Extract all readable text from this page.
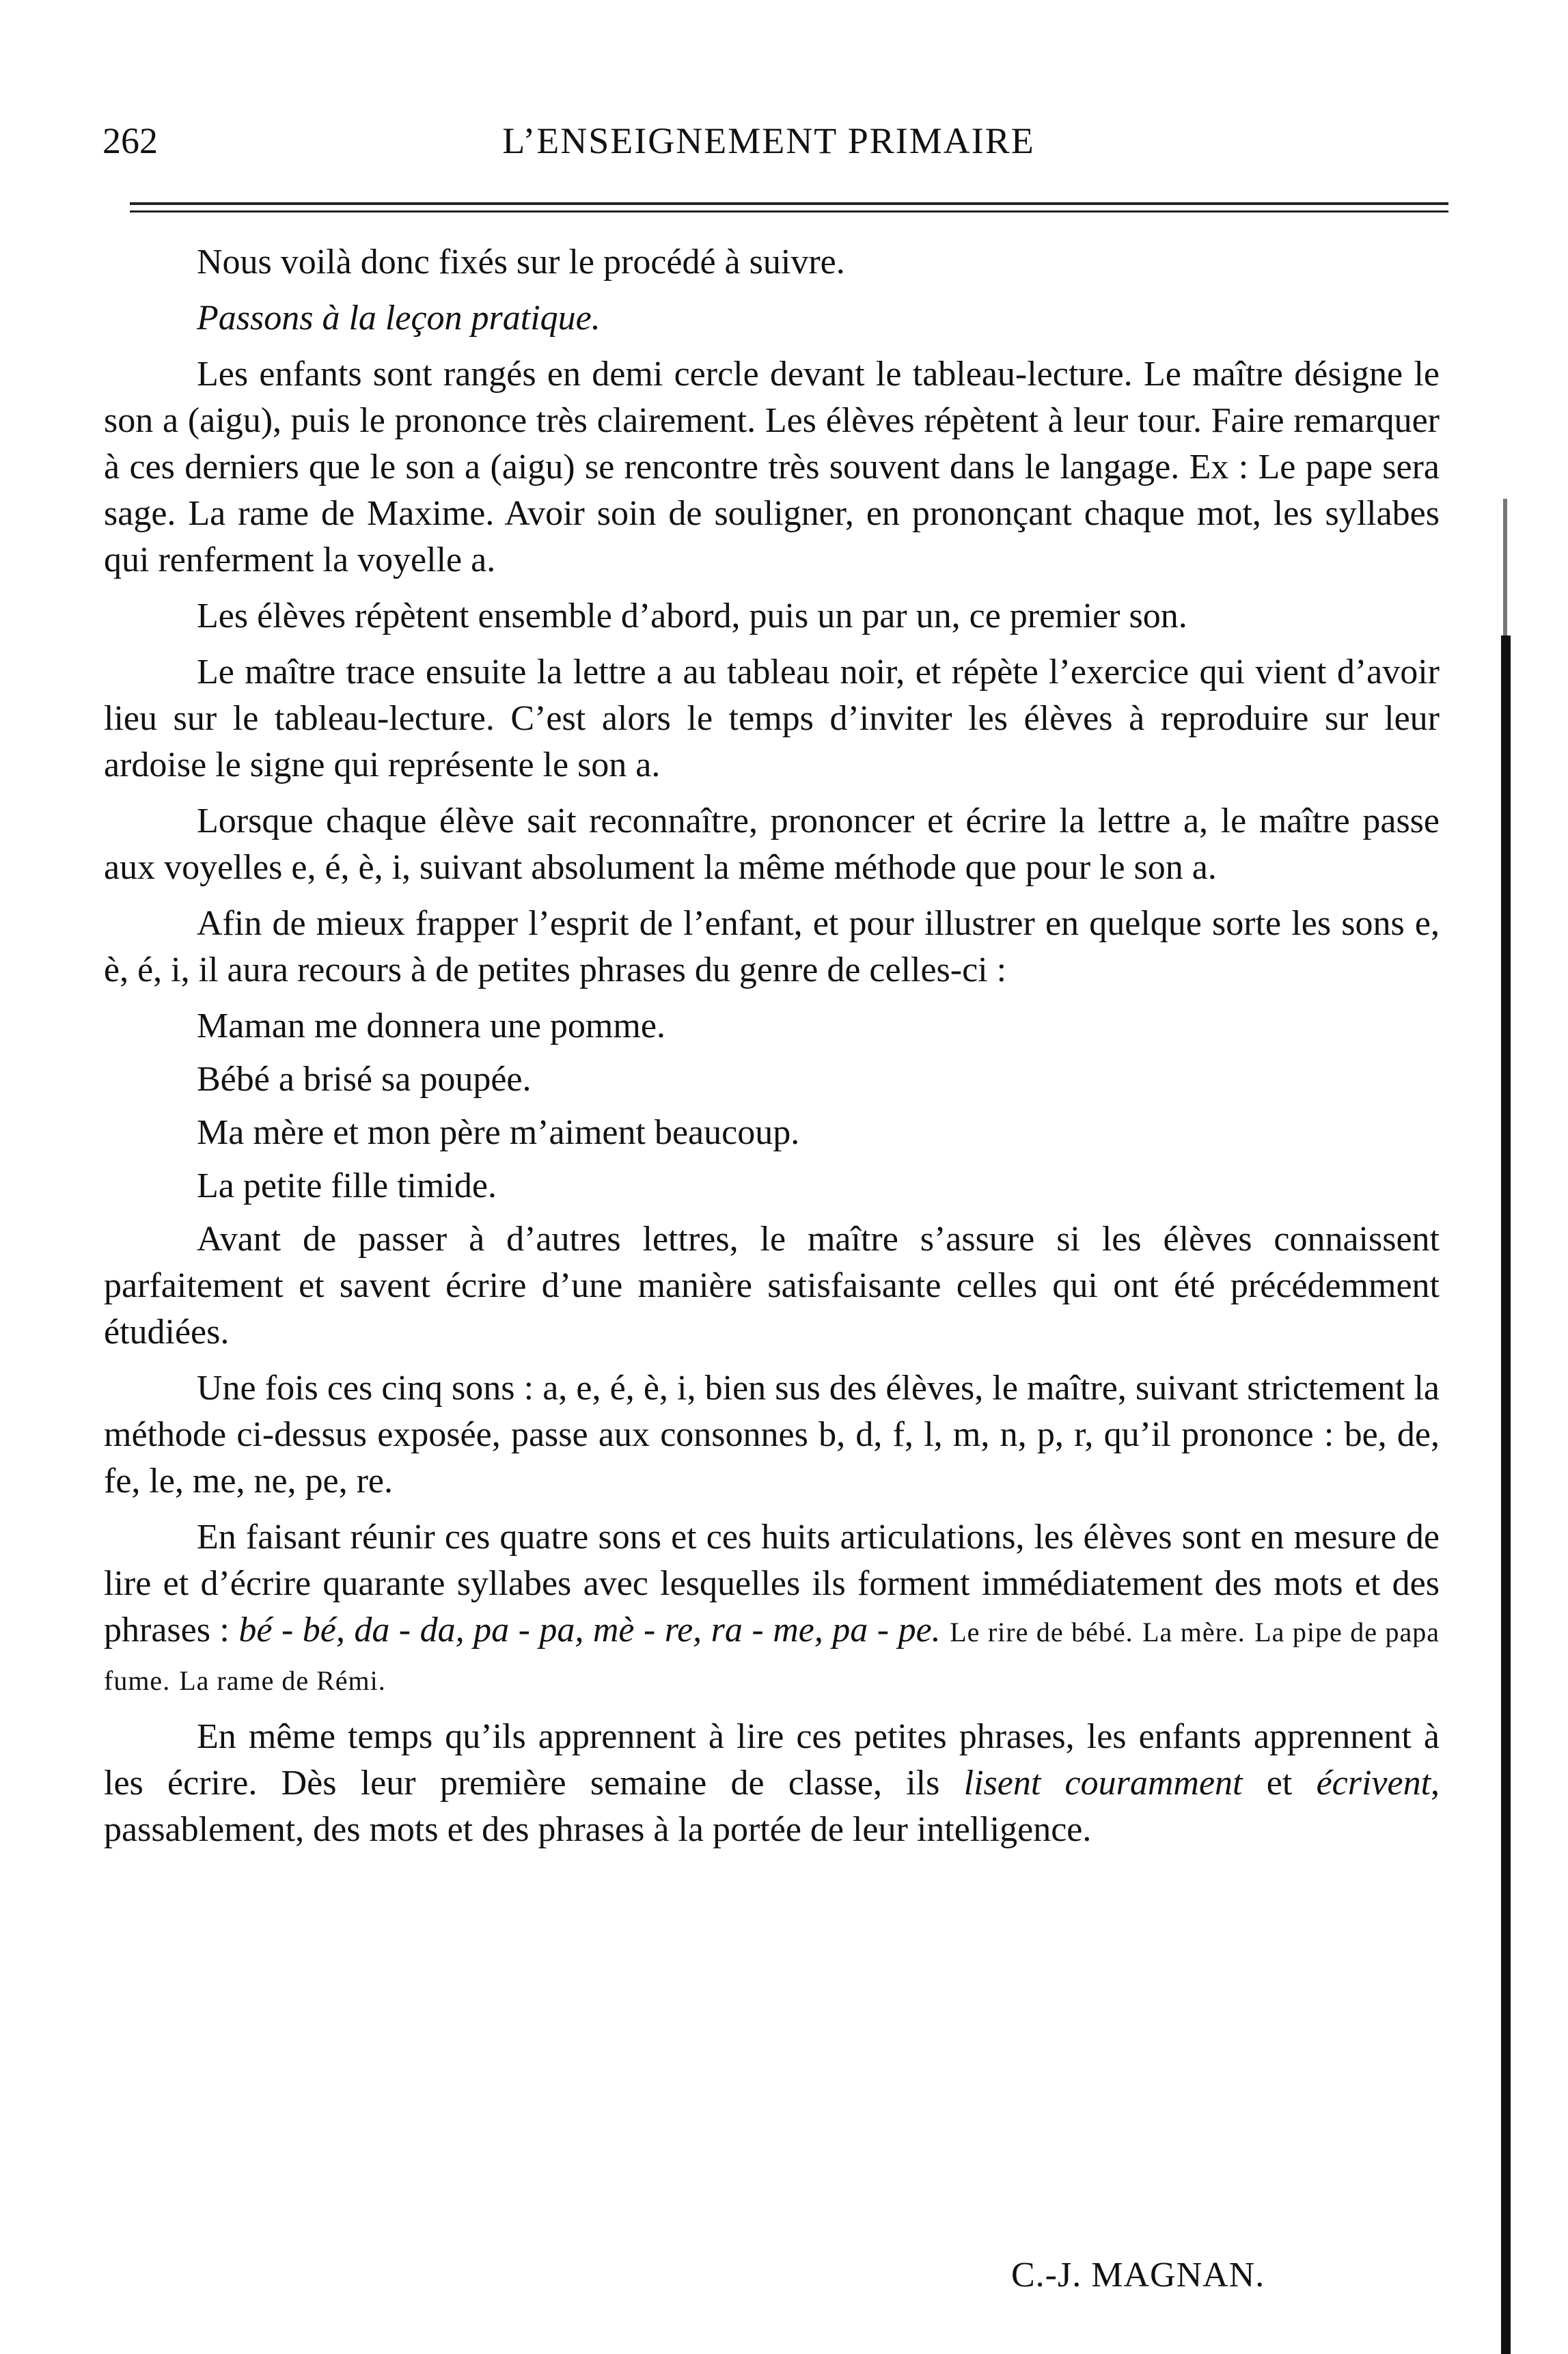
262	L’ENSEIGNEMENT PRIMAIRE

Nous voilà donc fixés sur le procédé à suivre.

Passons à la leçon pratique.

Les enfants sont rangés en demi cercle devant le tableau-lecture. Le maître désigne le son a (aigu), puis le prononce très clairement. Les élèves répètent à leur tour. Faire remarquer à ces derniers que le son a (aigu) se rencontre très souvent dans le langage. Ex : Le pape sera sage. La rame de Maxime. Avoir soin de souligner, en prononçant chaque mot, les syllabes qui renferment la voyelle a.

Les élèves répètent ensemble d’abord, puis un par un, ce premier son.

Le maître trace ensuite la lettre a au tableau noir, et répète l’exercice qui vient d’avoir lieu sur le tableau-lecture. C’est alors le temps d’inviter les élèves à reproduire sur leur ardoise le signe qui représente le son a.

Lorsque chaque élève sait reconnaître, prononcer et écrire la lettre a, le maître passe aux voyelles e, é, è, i, suivant absolument la même méthode que pour le son a.

Afin de mieux frapper l’esprit de l’enfant, et pour illustrer en quelque sorte les sons e, è, é, i, il aura recours à de petites phrases du genre de celles-ci :

Maman me donnera une pomme.

Bébé a brisé sa poupée.

Ma mère et mon père m’aiment beaucoup.

La petite fille timide.

Avant de passer à d’autres lettres, le maître s’assure si les élèves connaissent parfaitement et savent écrire d’une manière satisfaisante celles qui ont été précédemment étudiées.

Une fois ces cinq sons : a, e, é, è, i, bien sus des élèves, le maître, suivant strictement la méthode ci-dessus exposée, passe aux consonnes b, d, f, l, m, n, p, r, qu’il prononce : be, de, fe, le, me, ne, pe, re.

En faisant réunir ces quatre sons et ces huits articulations, les élèves sont en mesure de lire et d’écrire quarante syllabes avec lesquelles ils forment immédiatement des mots et des phrases : bé - bé, da - da, pa - pa, mè - re, ra - me, pa - pe. Le rire de bébé. La mère. La pipe de papa fume. La rame de Rémi.

En même temps qu’ils apprennent à lire ces petites phrases, les enfants apprennent à les écrire. Dès leur première semaine de classe, ils lisent couramment et écrivent, passablement, des mots et des phrases à la portée de leur intelligence.

C.-J. MAGNAN.
